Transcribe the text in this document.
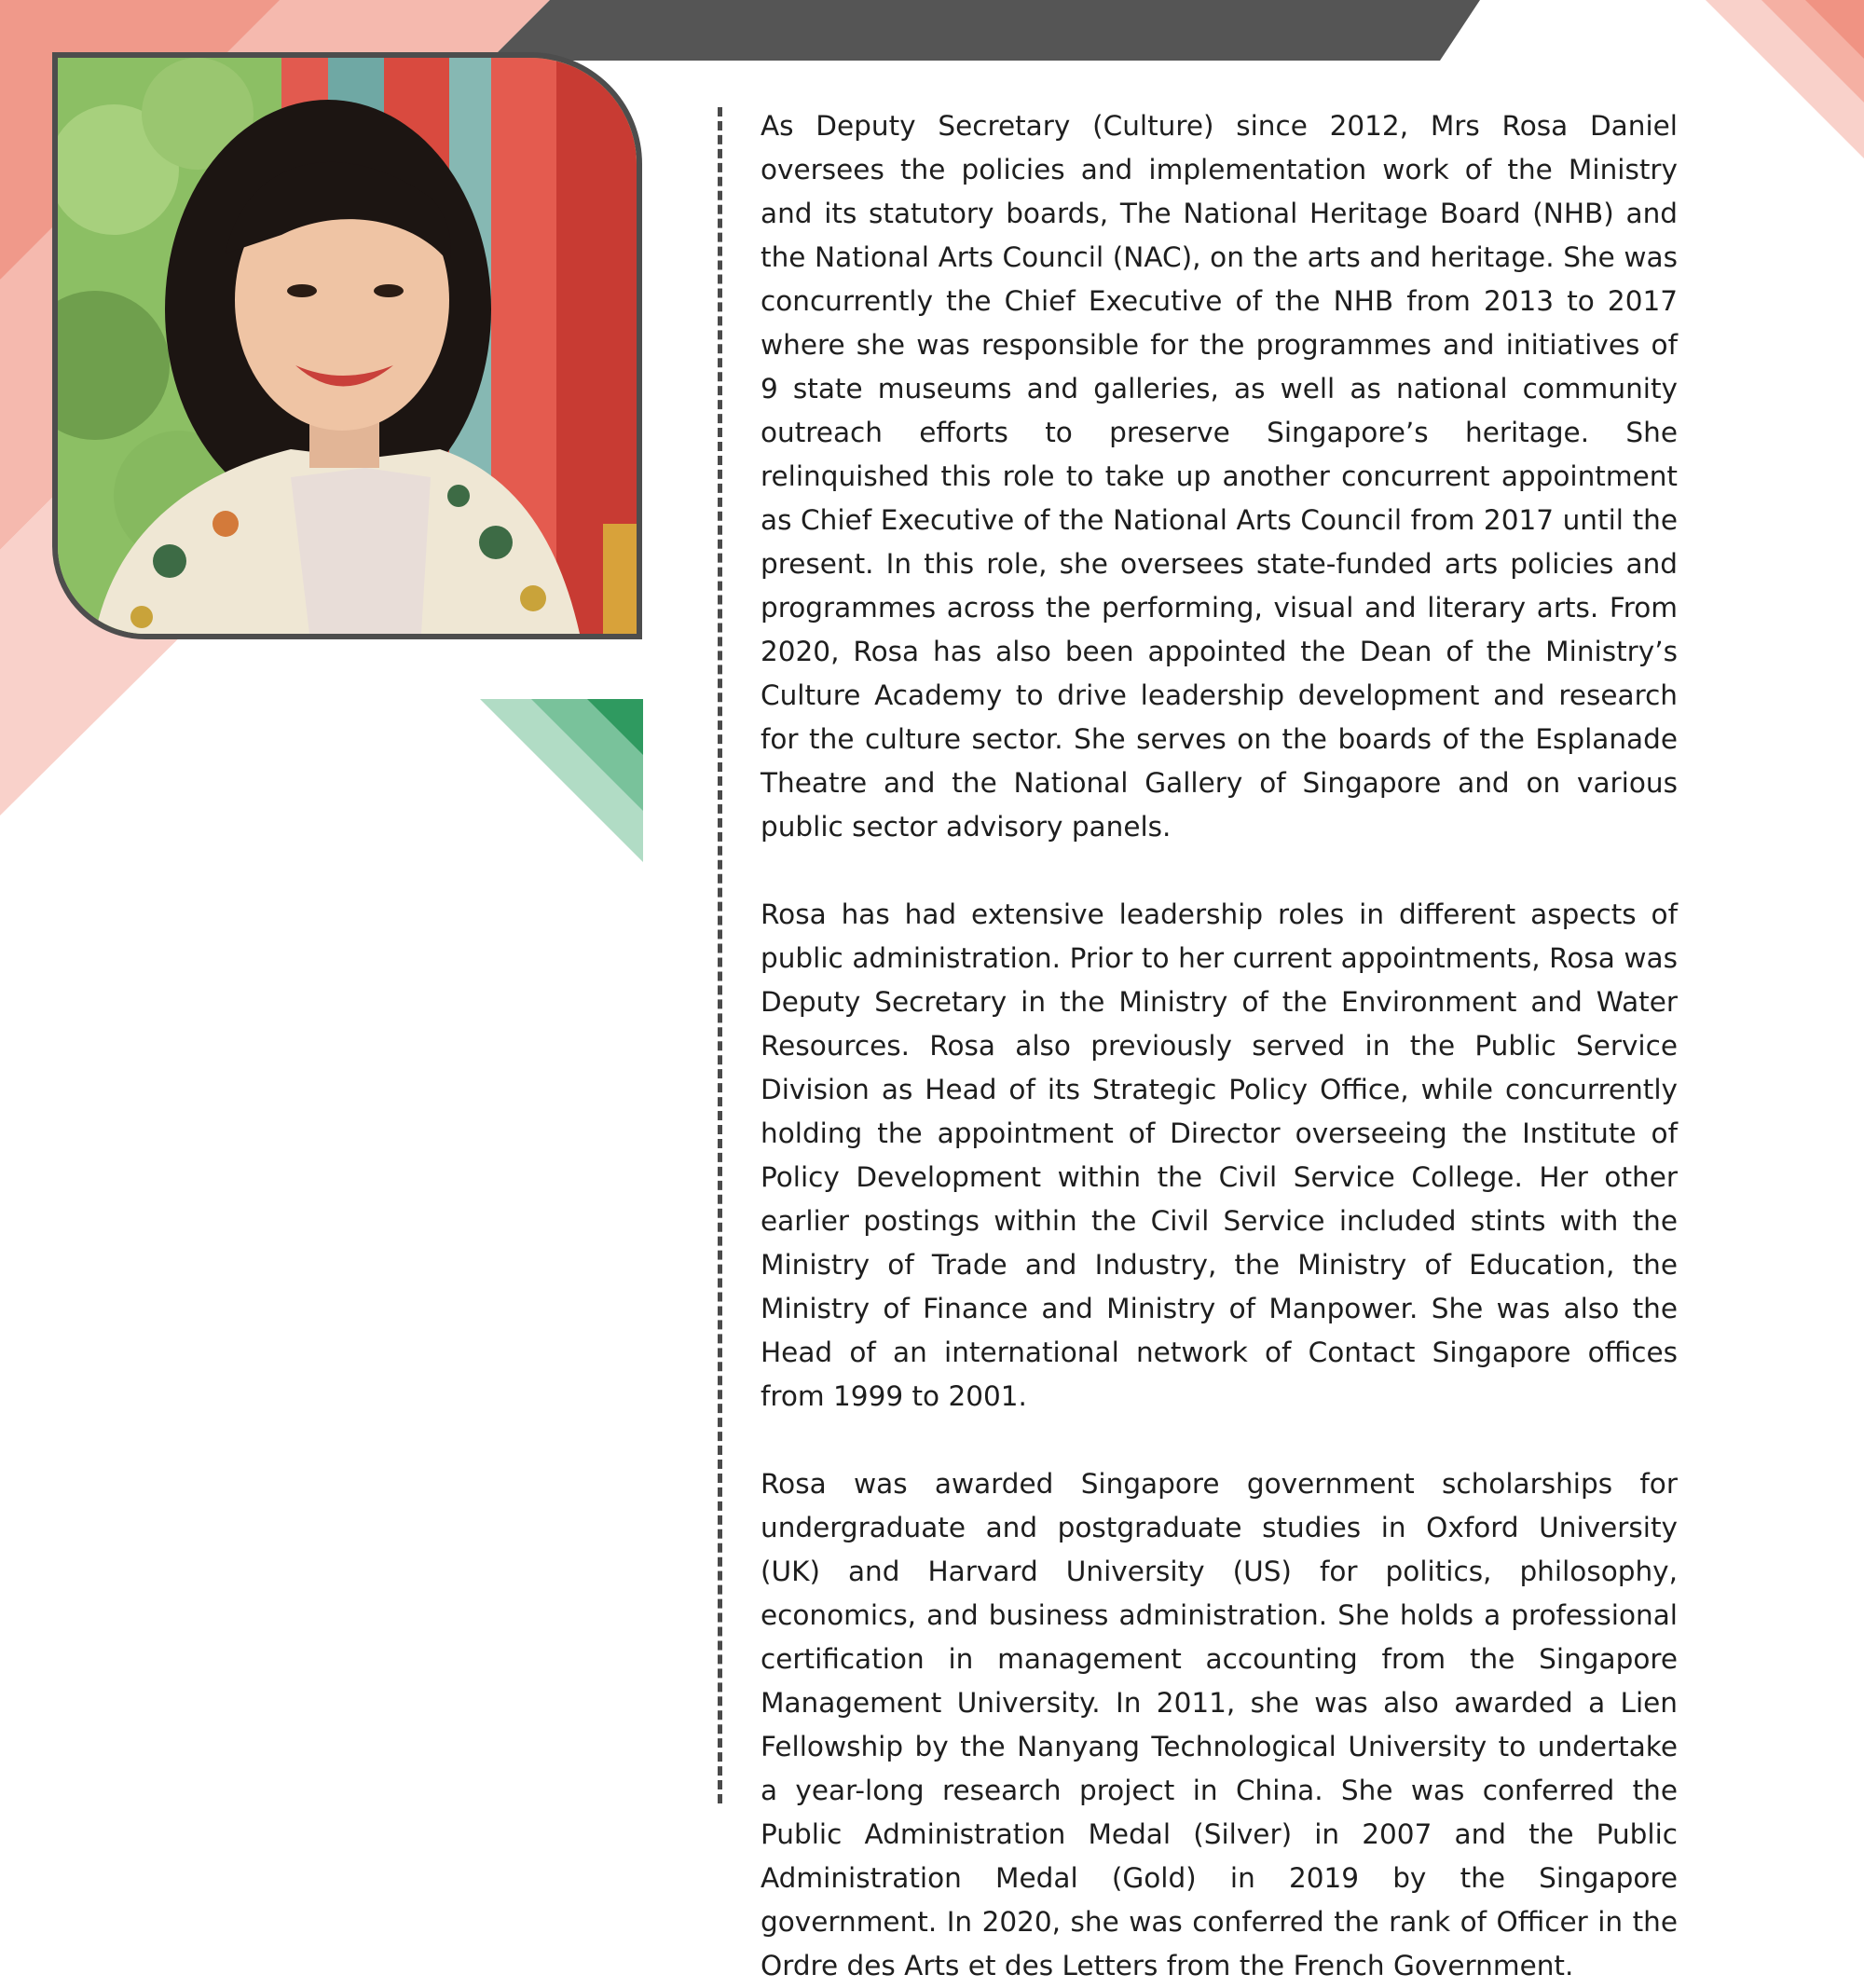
As Deputy Secretary (Culture) since 2012, Mrs Rosa Daniel oversees the policies and implementation work of the Ministry and its statutory boards, The National Heritage Board (NHB) and the National Arts Council (NAC), on the arts and heritage. She was concurrently the Chief Executive of the NHB from 2013 to 2017 where she was responsible for the programmes and initiatives of 9 state museums and galleries, as well as national community outreach efforts to preserve Singapore’s heritage. She relinquished this role to take up another concurrent appointment as Chief Executive of the National Arts Council from 2017 until the present. In this role, she oversees state-funded arts policies and programmes across the performing, visual and literary arts. From 2020, Rosa has also been appointed the Dean of the Ministry’s Culture Academy to drive leadership development and research for the culture sector. She serves on the boards of the Esplanade Theatre and the National Gallery of Singapore and on various public sector advisory panels.

Rosa has had extensive leadership roles in different aspects of public administration. Prior to her current appointments, Rosa was Deputy Secretary in the Ministry of the Environment and Water Resources. Rosa also previously served in the Public Service Division as Head of its Strategic Policy Office, while concurrently holding the appointment of Director overseeing the Institute of Policy Development within the Civil Service College. Her other earlier postings within the Civil Service included stints with the Ministry of Trade and Industry, the Ministry of Education, the Ministry of Finance and Ministry of Manpower. She was also the Head of an international network of Contact Singapore offices from 1999 to 2001.

Rosa was awarded Singapore government scholarships for undergraduate and postgraduate studies in Oxford University (UK) and Harvard University (US) for politics, philosophy, economics, and business administration. She holds a professional certification in management accounting from the Singapore Management University. In 2011, she was also awarded a Lien Fellowship by the Nanyang Technological University to undertake a year-long research project in China. She was conferred the Public Administration Medal (Silver) in 2007 and the Public Administration Medal (Gold) in 2019 by the Singapore government. In 2020, she was conferred the rank of Officer in the Ordre des Arts et des Letters from the French Government.
